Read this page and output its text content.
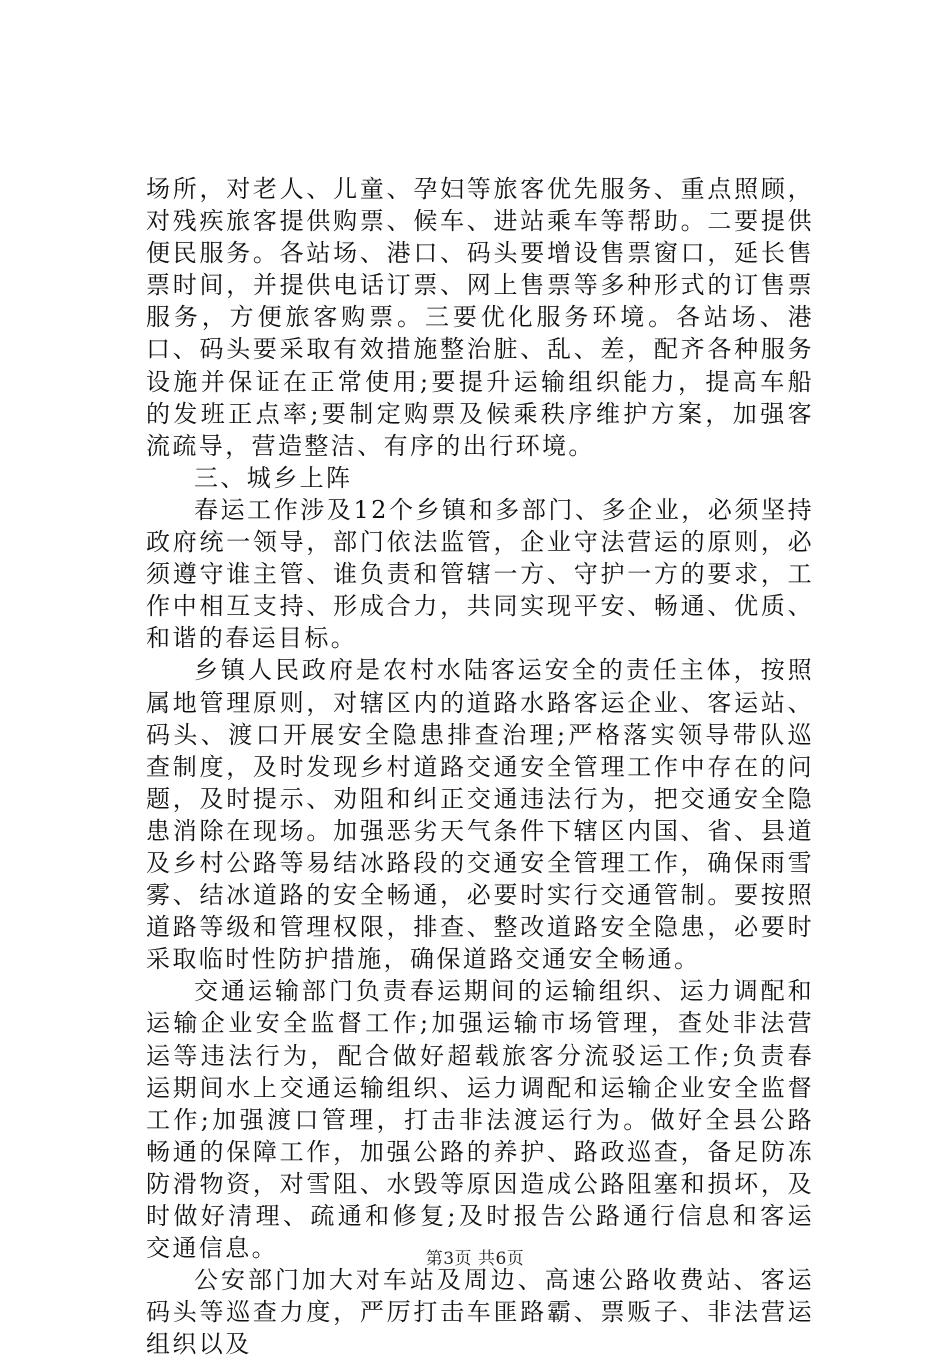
场所，对老人、儿童、孕妇等旅客优先服务、重点照顾，对残疾旅客提供购票、候车、进站乘车等帮助。二要提供便民服务。各站场、港口、码头要增设售票窗口，延长售票时间，并提供电话订票、网上售票等多种形式的订售票服务，方便旅客购票。三要优化服务环境。各站场、港口、码头要采取有效措施整治脏、乱、差，配齐各种服务设施并保证在正常使用;要提升运输组织能力，提高车船的发班正点率;要制定购票及候乘秩序维护方案，加强客流疏导，营造整洁、有序的出行环境。

三、城乡上阵

春运工作涉及12个乡镇和多部门、多企业，必须坚持政府统一领导，部门依法监管，企业守法营运的原则，必须遵守谁主管、谁负责和管辖一方、守护一方的要求，工作中相互支持、形成合力，共同实现平安、畅通、优质、和谐的春运目标。

乡镇人民政府是农村水陆客运安全的责任主体，按照属地管理原则，对辖区内的道路水路客运企业、客运站、码头、渡口开展安全隐患排查治理;严格落实领导带队巡查制度，及时发现乡村道路交通安全管理工作中存在的问题，及时提示、劝阻和纠正交通违法行为，把交通安全隐患消除在现场。加强恶劣天气条件下辖区内国、省、县道及乡村公路等易结冰路段的交通安全管理工作，确保雨雪雾、结冰道路的安全畅通，必要时实行交通管制。要按照道路等级和管理权限，排查、整改道路安全隐患，必要时采取临时性防护措施，确保道路交通安全畅通。

交通运输部门负责春运期间的运输组织、运力调配和运输企业安全监督工作;加强运输市场管理，查处非法营运等违法行为，配合做好超载旅客分流驳运工作;负责春运期间水上交通运输组织、运力调配和运输企业安全监督工作;加强渡口管理，打击非法渡运行为。做好全县公路畅通的保障工作，加强公路的养护、路政巡查，备足防冻防滑物资，对雪阻、水毁等原因造成公路阻塞和损坏，及时做好清理、疏通和修复;及时报告公路通行信息和客运交通信息。

公安部门加大对车站及周边、高速公路收费站、客运码头等巡查力度，严厉打击车匪路霸、票贩子、非法营运组织以及

第3页 共6页
